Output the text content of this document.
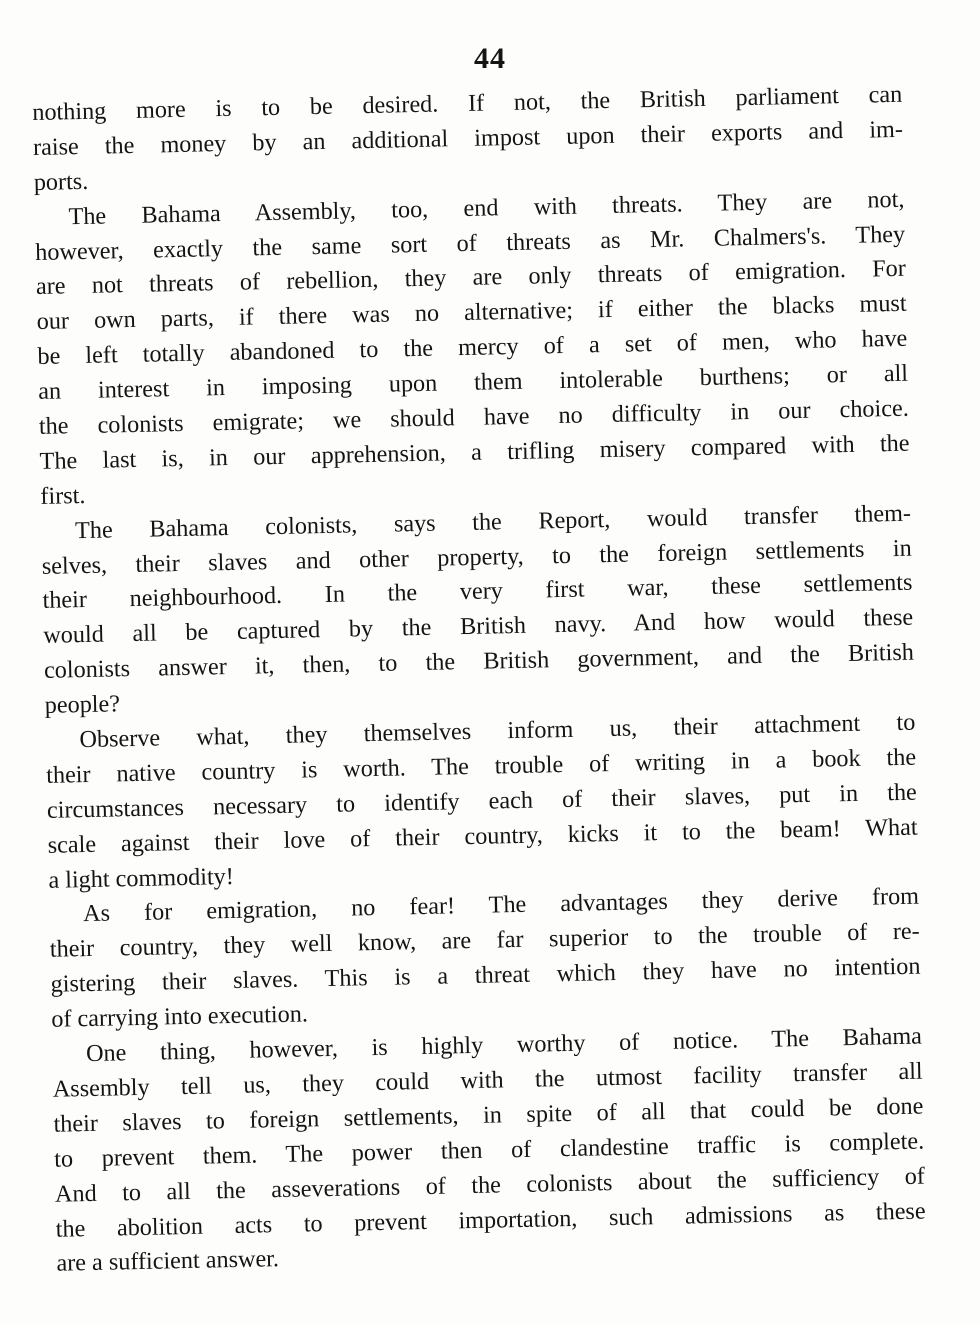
44
nothing more is to be desired. If not, the British parliament can
raise the money by an additional impost upon their exports and im-
ports.
The Bahama Assembly, too, end with threats. They are not,
however, exactly the same sort of threats as Mr. Chalmers's. They
are not threats of rebellion, they are only threats of emigration. For
our own parts, if there was no alternative; if either the blacks must
be left totally abandoned to the mercy of a set of men, who have
an interest in imposing upon them intolerable burthens; or all
the colonists emigrate; we should have no difficulty in our choice.
The last is, in our apprehension, a trifling misery compared with the
first.
The Bahama colonists, says the Report, would transfer them-
selves, their slaves and other property, to the foreign settlements in
their neighbourhood. In the very first war, these settlements
would all be captured by the British navy. And how would these
colonists answer it, then, to the British government, and the British
people?
Observe what, they themselves inform us, their attachment to
their native country is worth. The trouble of writing in a book the
circumstances necessary to identify each of their slaves, put in the
scale against their love of their country, kicks it to the beam! What
a light commodity!
As for emigration, no fear! The advantages they derive from
their country, they well know, are far superior to the trouble of re-
gistering their slaves. This is a threat which they have no intention
of carrying into execution.
One thing, however, is highly worthy of notice. The Bahama
Assembly tell us, they could with the utmost facility transfer all
their slaves to foreign settlements, in spite of all that could be done
to prevent them. The power then of clandestine traffic is complete.
And to all the asseverations of the colonists about the sufficiency of
the abolition acts to prevent importation, such admissions as these
are a sufficient answer.
